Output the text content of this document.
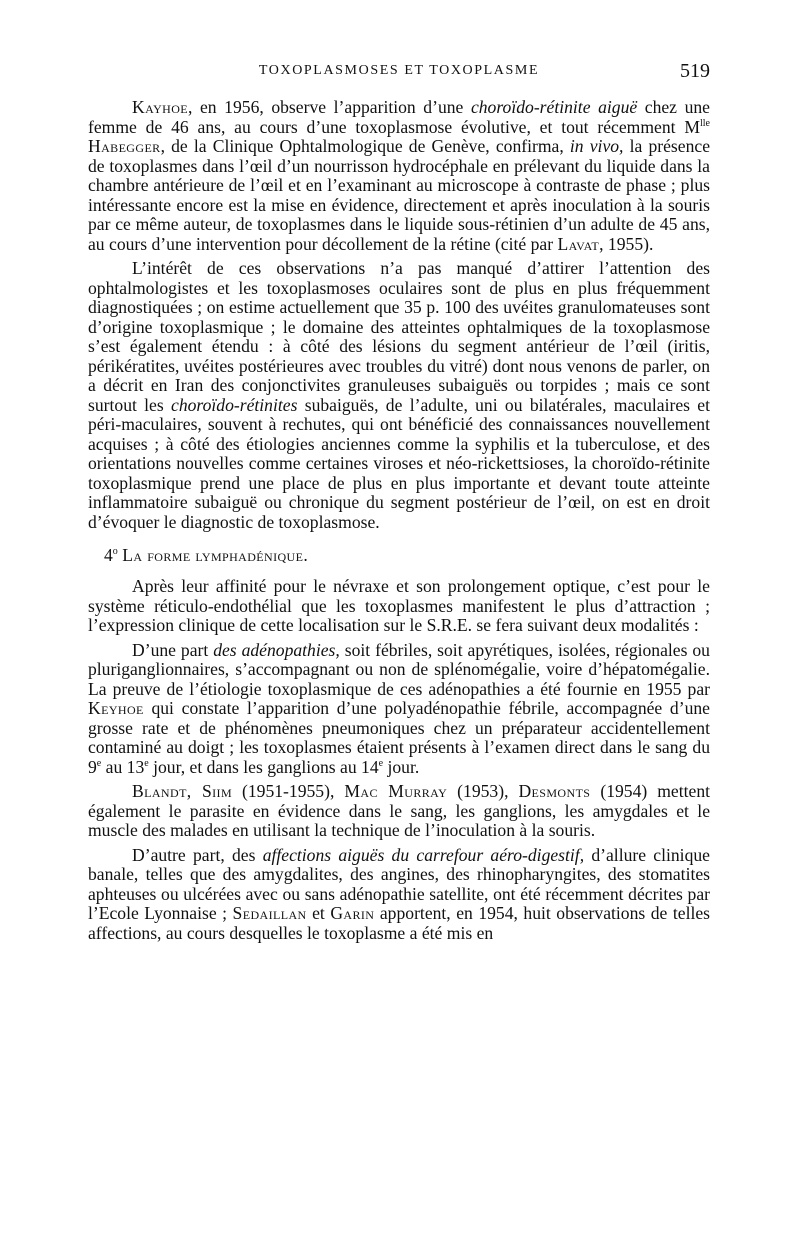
TOXOPLASMOSES ET TOXOPLASME	519

Kayhoe, en 1956, observe l’apparition d’une choroïdo-rétinite aiguë chez une femme de 46 ans, au cours d’une toxoplasmose évolutive, et tout récemment $M^{lle}$ Habegger, de la Clinique Ophtalmologique de Genève, confirma, in vivo, la présence de toxoplasmes dans l’œil d’un nourrisson hydrocéphale en prélevant du liquide dans la chambre antérieure de l’œil et en l’examinant au microscope à contraste de phase ; plus intéressante encore est la mise en évidence, directement et après inoculation à la souris par ce même auteur, de toxoplasmes dans le liquide sous-rétinien d’un adulte de 45 ans, au cours d’une intervention pour décollement de la rétine (cité par Lavat, 1955).

L’intérêt de ces observations n’a pas manqué d’attirer l’attention des ophtalmologistes et les toxoplasmoses oculaires sont de plus en plus fréquemment diagnostiquées ; on estime actuellement que 35 p. 100 des uvéites granulomateuses sont d’origine toxoplasmique ; le domaine des atteintes ophtalmiques de la toxoplasmose s’est également étendu : à côté des lésions du segment antérieur de l’œil (iritis, périkératites, uvéites postérieures avec troubles du vitré) dont nous venons de parler, on a décrit en Iran des conjonctivites granuleuses subaiguës ou torpides ; mais ce sont surtout les choroïdo-rétinites subaiguës, de l’adulte, uni ou bilatérales, maculaires et péri-maculaires, souvent à rechutes, qui ont bénéficié des connaissances nouvellement acquises ; à côté des étiologies anciennes comme la syphilis et la tuberculose, et des orientations nouvelles comme certaines viroses et néo-rickettsioses, la choroïdo-rétinite toxoplasmique prend une place de plus en plus importante et devant toute atteinte inflammatoire subaiguë ou chronique du segment postérieur de l’œil, on est en droit d’évoquer le diagnostic de toxoplasmose.

4$^o$ La forme lymphadénique.

Après leur affinité pour le névraxe et son prolongement optique, c’est pour le système réticulo-endothélial que les toxoplasmes manifestent le plus d’attraction ; l’expression clinique de cette localisation sur le S.R.E. se fera suivant deux modalités :

D’une part des adénopathies, soit fébriles, soit apyrétiques, isolées, régionales ou pluriganglionnaires, s’accompagnant ou non de splénomégalie, voire d’hépatomégalie. La preuve de l’étiologie toxoplasmique de ces adénopathies a été fournie en 1955 par Keyhoe qui constate l’apparition d’une polyadénopathie fébrile, accompagnée d’une grosse rate et de phénomènes pneumoniques chez un préparateur accidentellement contaminé au doigt ; les toxoplasmes étaient présents à l’examen direct dans le sang du 9e au 13e jour, et dans les ganglions au 14e jour.

Blandt, Siim (1951-1955), Mac Murray (1953), Desmonts (1954) mettent également le parasite en évidence dans le sang, les ganglions, les amygdales et le muscle des malades en utilisant la technique de l’inoculation à la souris.

D’autre part, des affections aiguës du carrefour aéro-digestif, d’allure clinique banale, telles que des amygdalites, des angines, des rhinopharyngites, des stomatites aphteuses ou ulcérées avec ou sans adénopathie satellite, ont été récemment décrites par l’Ecole Lyonnaise ; Sedaillan et Garin apportent, en 1954, huit observations de telles affections, au cours desquelles le toxoplasme a été mis en
